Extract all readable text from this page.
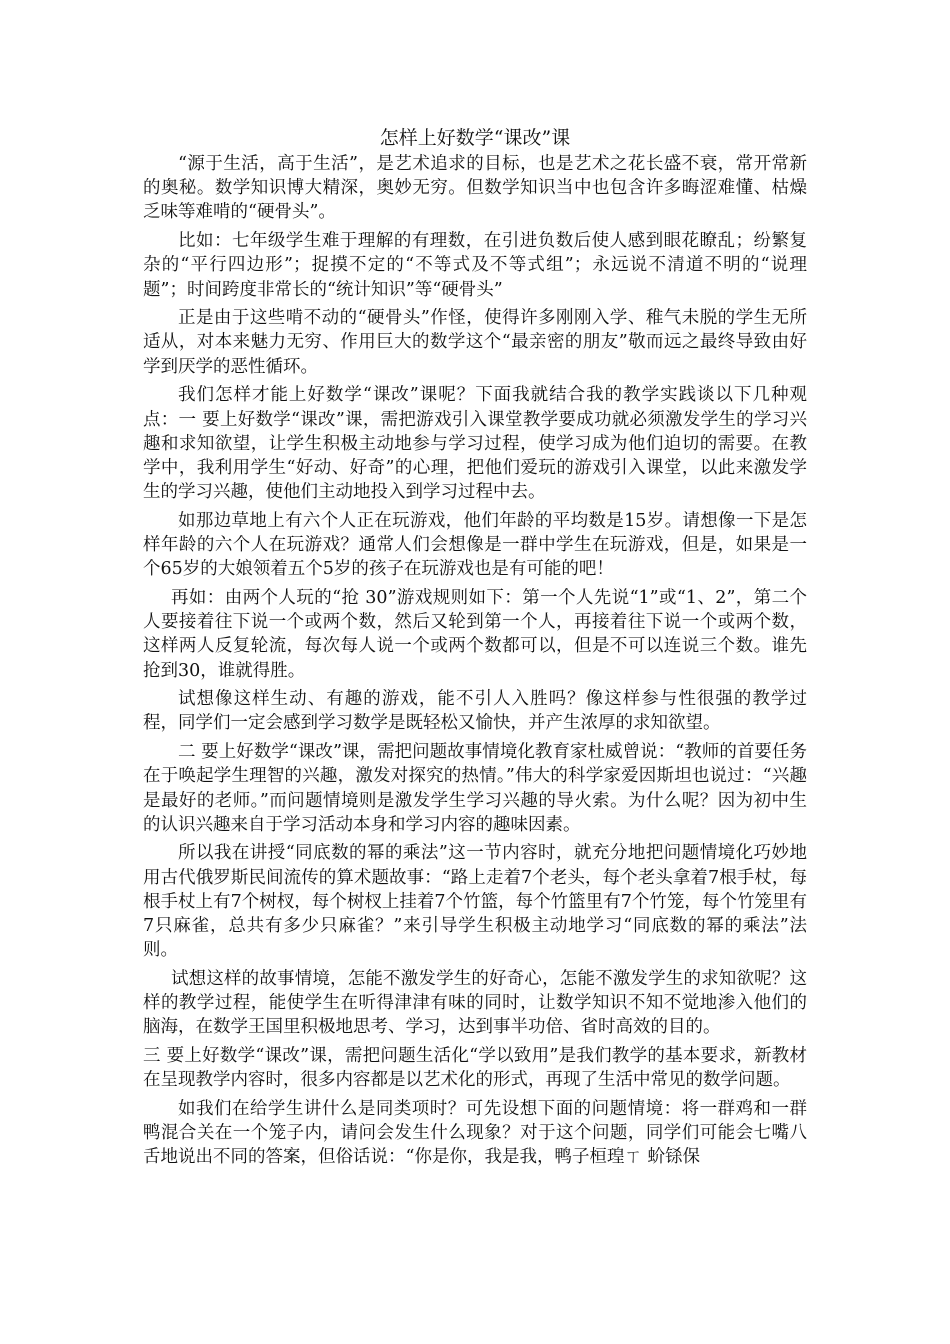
怎样上好数学“课改”课

“源于生活，高于生活”，是艺术追求的目标，也是艺术之花长盛不衰，常开常新的奥秘。数学知识博大精深，奥妙无穷。但数学知识当中也包含许多晦涩难懂、枯燥乏味等难啃的“硬骨头”。

比如：七年级学生难于理解的有理数，在引进负数后使人感到眼花瞭乱；纷繁复杂的“平行四边形”；捉摸不定的“不等式及不等式组”；永远说不清道不明的“说理题”；时间跨度非常长的“统计知识”等“硬骨头”

正是由于这些啃不动的“硬骨头”作怪，使得许多刚刚入学、稚气未脱的学生无所适从，对本来魅力无穷、作用巨大的数学这个“最亲密的朋友”敬而远之最终导致由好学到厌学的恶性循环。

我们怎样才能上好数学“课改”课呢？下面我就结合我的教学实践谈以下几种观点：一 要上好数学“课改”课，需把游戏引入课堂教学要成功就必须激发学生的学习兴趣和求知欲望，让学生积极主动地参与学习过程，使学习成为他们迫切的需要。在教学中，我利用学生“好动、好奇”的心理，把他们爱玩的游戏引入课堂，以此来激发学生的学习兴趣，使他们主动地投入到学习过程中去。

如那边草地上有六个人正在玩游戏，他们年龄的平均数是15岁。请想像一下是怎样年龄的六个人在玩游戏？通常人们会想像是一群中学生在玩游戏，但是，如果是一个65岁的大娘领着五个5岁的孩子在玩游戏也是有可能的吧！

再如：由两个人玩的“抢 30”游戏规则如下：第一个人先说“1”或“1、2”，第二个人要接着往下说一个或两个数，然后又轮到第一个人，再接着往下说一个或两个数，这样两人反复轮流，每次每人说一个或两个数都可以，但是不可以连说三个数。谁先抢到30，谁就得胜。

试想像这样生动、有趣的游戏，能不引人入胜吗？像这样参与性很强的教学过程，同学们一定会感到学习数学是既轻松又愉快，并产生浓厚的求知欲望。

二 要上好数学“课改”课，需把问题故事情境化教育家杜威曾说：“教师的首要任务在于唤起学生理智的兴趣，激发对探究的热情。”伟大的科学家爱因斯坦也说过：“兴趣是最好的老师。”而问题情境则是激发学生学习兴趣的导火索。为什么呢？因为初中生的认识兴趣来自于学习活动本身和学习内容的趣味因素。

所以我在讲授“同底数的幂的乘法”这一节内容时，就充分地把问题情境化巧妙地用古代俄罗斯民间流传的算术题故事：“路上走着7个老头，每个老头拿着7根手杖，每根手杖上有7个树杈，每个树杈上挂着7个竹篮，每个竹篮里有7个竹笼，每个竹笼里有7只麻雀，总共有多少只麻雀？”来引导学生积极主动地学习“同底数的幂的乘法”法则。

试想这样的故事情境，怎能不激发学生的好奇心，怎能不激发学生的求知欲呢？这样的教学过程，能使学生在听得津津有味的同时，让数学知识不知不觉地渗入他们的脑海，在数学王国里积极地思考、学习，达到事半功倍、省时高效的目的。

三 要上好数学“课改”课，需把问题生活化“学以致用”是我们教学的基本要求，新教材在呈现教学内容时，很多内容都是以艺术化的形式，再现了生活中常见的数学问题。

如我们在给学生讲什么是同类项时？可先设想下面的问题情境：将一群鸡和一群鸭混合关在一个笼子内，请问会发生什么现象？对于这个问题，同学们可能会七嘴八舌地说出不同的答案，但俗话说：“你是你，我是我，鸭子桓瑝ㄒ 蚧铩保
